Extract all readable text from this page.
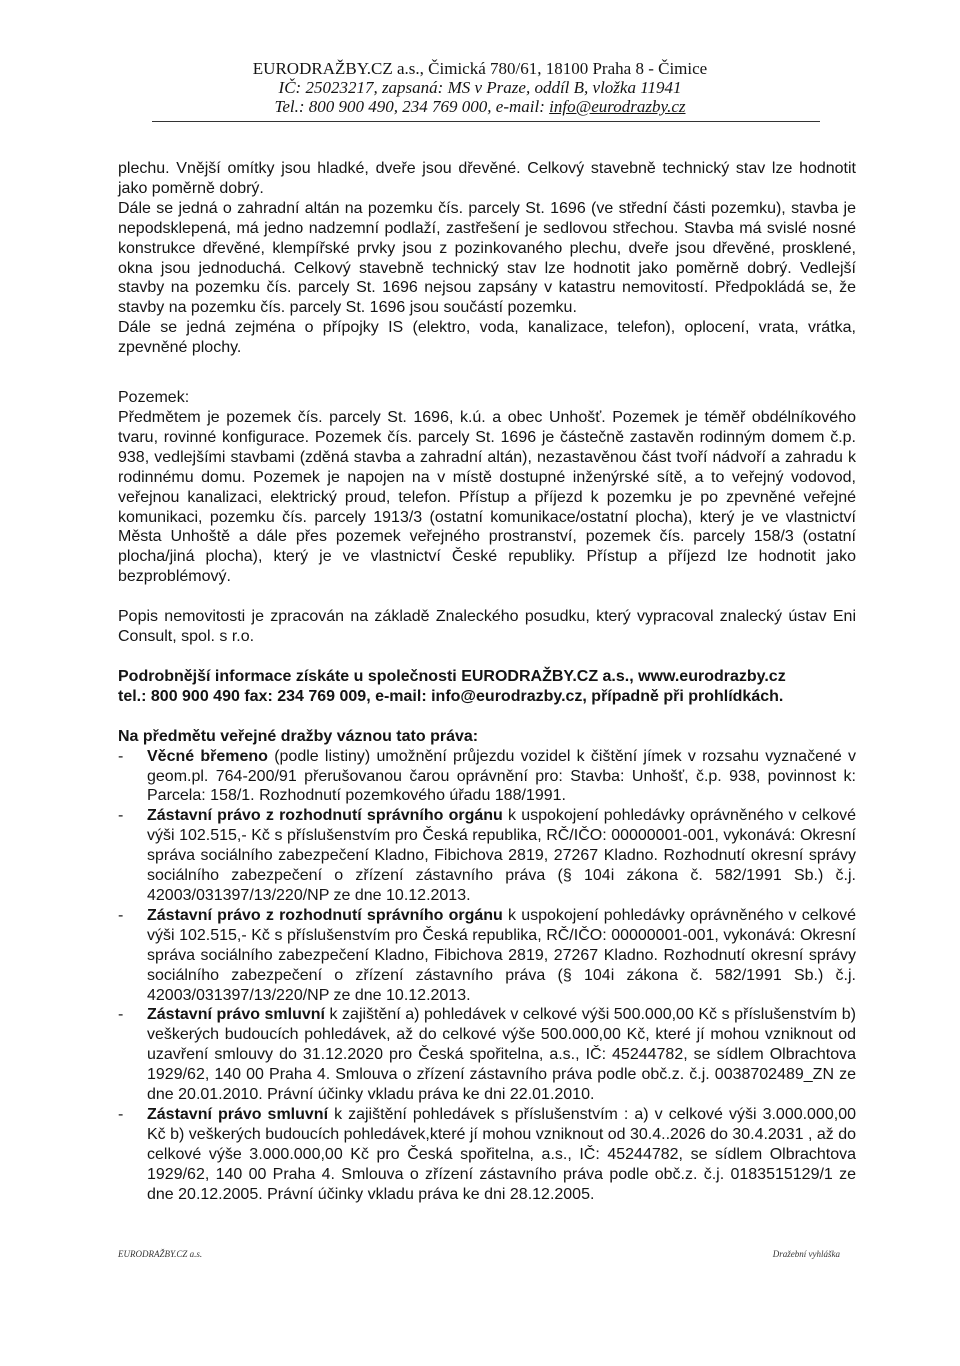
EURODRAŽBY.CZ a.s., Čimická 780/61, 18100 Praha 8 - Čimice
IČ: 25023217, zapsaná: MS v Praze, oddíl B, vložka 11941
Tel.: 800 900 490, 234 769 000, e-mail: info@eurodrazby.cz

plechu. Vnější omítky jsou hladké, dveře jsou dřevěné. Celkový stavebně technický stav lze hodnotit jako poměrně dobrý.

Dále se jedná o zahradní altán na pozemku čís. parcely St. 1696 (ve střední části pozemku), stavba je nepodsklepená, má jedno nadzemní podlaží, zastřešení je sedlovou střechou. Stavba má svislé nosné konstrukce dřevěné, klempířské prvky jsou z pozinkovaného plechu, dveře jsou dřevěné, prosklené, okna jsou jednoduchá. Celkový stavebně technický stav lze hodnotit jako poměrně dobrý. Vedlejší stavby na pozemku čís. parcely St. 1696 nejsou zapsány v katastru nemovitostí. Předpokládá se, že stavby na pozemku čís. parcely St. 1696 jsou součástí pozemku.

Dále se jedná zejména o přípojky IS (elektro, voda, kanalizace, telefon), oplocení, vrata, vrátka, zpevněné plochy.

Pozemek:

Předmětem je pozemek čís. parcely St. 1696, k.ú. a obec Unhošť. Pozemek je téměř obdélníkového tvaru, rovinné konfigurace. Pozemek čís. parcely St. 1696 je částečně zastavěn rodinným domem č.p. 938, vedlejšími stavbami (zděná stavba a zahradní altán), nezastavěnou část tvoří nádvoří a zahradu k rodinnému domu. Pozemek je napojen na v místě dostupné inženýrské sítě, a to veřejný vodovod, veřejnou kanalizaci, elektrický proud, telefon. Přístup a příjezd k pozemku je po zpevněné veřejné komunikaci, pozemku čís. parcely 1913/3 (ostatní komunikace/ostatní plocha), který je ve vlastnictví Města Unhoště a dále přes pozemek veřejného prostranství, pozemek čís. parcely 158/3 (ostatní plocha/jiná plocha), který je ve vlastnictví České republiky. Přístup a příjezd lze hodnotit jako bezproblémový.

Popis nemovitosti je zpracován na základě Znaleckého posudku, který vypracoval znalecký ústav Eni Consult, spol. s r.o.

Podrobnější informace získáte u společnosti EURODRAŽBY.CZ a.s., www.eurodrazby.cz

tel.: 800 900 490 fax: 234 769 009, e-mail: info@eurodrazby.cz, případně při prohlídkách.

Na předmětu veřejné dražby váznou tato práva:

- Věcné břemeno (podle listiny) umožnění průjezdu vozidel k čištění jímek v rozsahu vyznačené v geom.pl. 764-200/91 přerušovanou čarou oprávnění pro: Stavba: Unhošť, č.p. 938, povinnost k: Parcela: 158/1. Rozhodnutí pozemkového úřadu 188/1991.
- Zástavní právo z rozhodnutí správního orgánu k uspokojení pohledávky oprávněného v celkové výši 102.515,- Kč s příslušenstvím pro Česká republika, RČ/IČO: 00000001-001, vykonává: Okresní správa sociálního zabezpečení Kladno, Fibichova 2819, 27267 Kladno. Rozhodnutí okresní správy sociálního zabezpečení o zřízení zástavního práva (§ 104i zákona č. 582/1991 Sb.) č.j. 42003/031397/13/220/NP ze dne 10.12.2013.
- Zástavní právo z rozhodnutí správního orgánu k uspokojení pohledávky oprávněného v celkové výši 102.515,- Kč s příslušenstvím pro Česká republika, RČ/IČO: 00000001-001, vykonává: Okresní správa sociálního zabezpečení Kladno, Fibichova 2819, 27267 Kladno. Rozhodnutí okresní správy sociálního zabezpečení o zřízení zástavního práva (§ 104i zákona č. 582/1991 Sb.) č.j. 42003/031397/13/220/NP ze dne 10.12.2013.
- Zástavní právo smluvní k zajištění a) pohledávek v celkové výši 500.000,00 Kč s příslušenstvím b) veškerých budoucích pohledávek, až do celkové výše 500.000,00 Kč, které jí mohou vzniknout od uzavření smlouvy do 31.12.2020 pro Česká spořitelna, a.s., IČ: 45244782, se sídlem Olbrachtova 1929/62, 140 00 Praha 4. Smlouva o zřízení zástavního práva podle obč.z. č.j. 0038702489_ZN ze dne 20.01.2010. Právní účinky vkladu práva ke dni 22.01.2010.
- Zástavní právo smluvní k zajištění pohledávek s příslušenstvím : a) v celkové výši 3.000.000,00 Kč b) veškerých budoucích pohledávek,které jí mohou vzniknout od 30.4..2026 do 30.4.2031 , až do celkové výše 3.000.000,00 Kč pro Česká spořitelna, a.s., IČ: 45244782, se sídlem Olbrachtova 1929/62, 140 00 Praha 4. Smlouva o zřízení zástavního práva podle obč.z. č.j. 0183515129/1 ze dne 20.12.2005. Právní účinky vkladu práva ke dni 28.12.2005.
EURODRAŽBY.CZ a.s.	Dražební vyhláška
